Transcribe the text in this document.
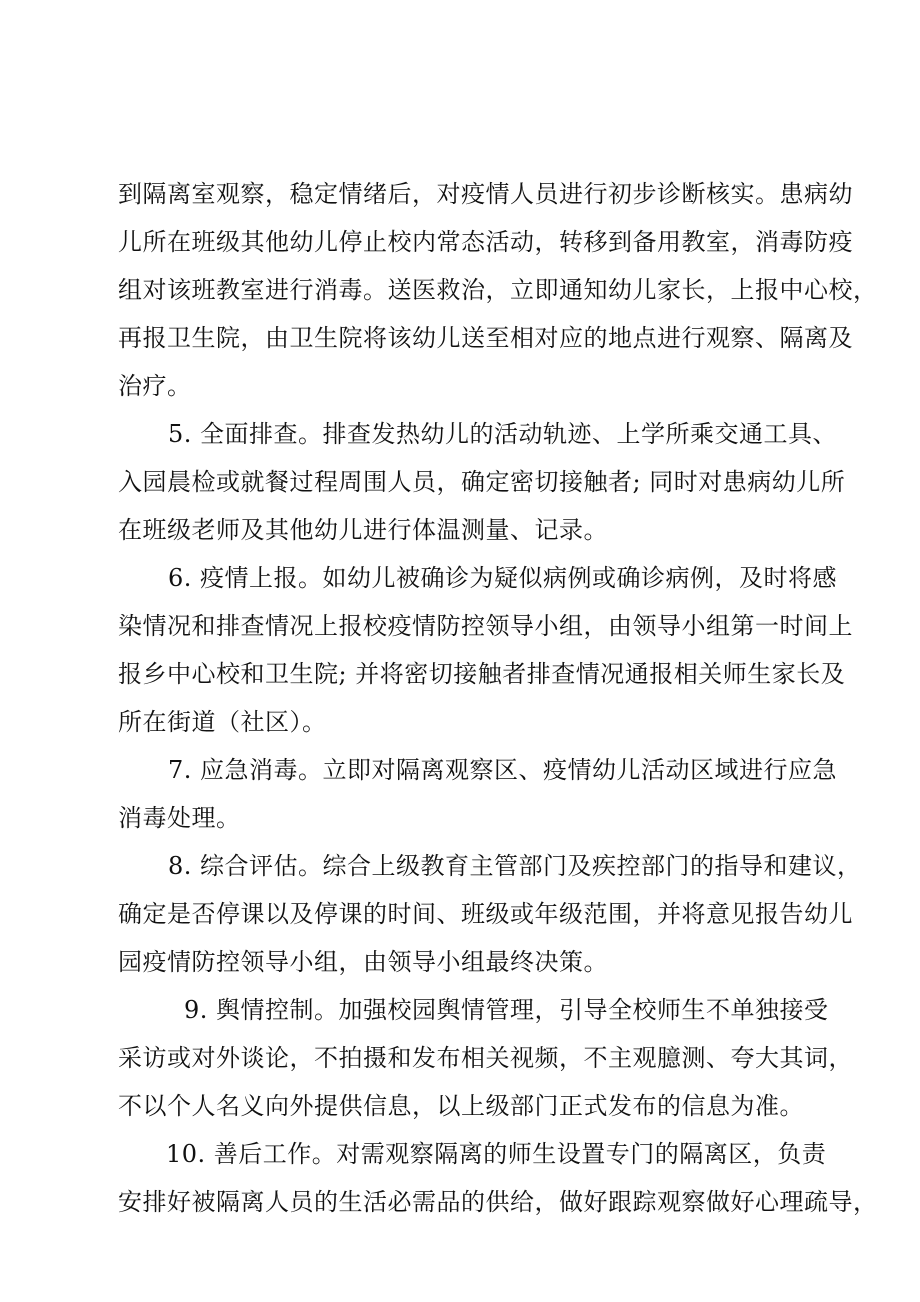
到隔离室观察，稳定情绪后，对疫情人员进行初步诊断核实。患病幼
儿所在班级其他幼儿停止校内常态活动，转移到备用教室，消毒防疫
组对该班教室进行消毒。送医救治，立即通知幼儿家长，上报中心校，
再报卫生院，由卫生院将该幼儿送至相对应的地点进行观察、隔离及
治疗。
5. 全面排查。排查发热幼儿的活动轨迹、上学所乘交通工具、
入园晨检或就餐过程周围人员，确定密切接触者; 同时对患病幼儿所
在班级老师及其他幼儿进行体温测量、记录。
6. 疫情上报。如幼儿被确诊为疑似病例或确诊病例，及时将感
染情况和排查情况上报校疫情防控领导小组，由领导小组第一时间上
报乡中心校和卫生院; 并将密切接触者排查情况通报相关师生家长及
所在街道（社区）。
7. 应急消毒。立即对隔离观察区、疫情幼儿活动区域进行应急
消毒处理。
8. 综合评估。综合上级教育主管部门及疾控部门的指导和建议，
确定是否停课以及停课的时间、班级或年级范围，并将意见报告幼儿
园疫情防控领导小组，由领导小组最终决策。
9. 舆情控制。加强校园舆情管理，引导全校师生不单独接受
采访或对外谈论，不拍摄和发布相关视频，不主观臆测、夸大其词，
不以个人名义向外提供信息，以上级部门正式发布的信息为准。
10. 善后工作。对需观察隔离的师生设置专门的隔离区，负责
安排好被隔离人员的生活必需品的供给，做好跟踪观察做好心理疏导，
